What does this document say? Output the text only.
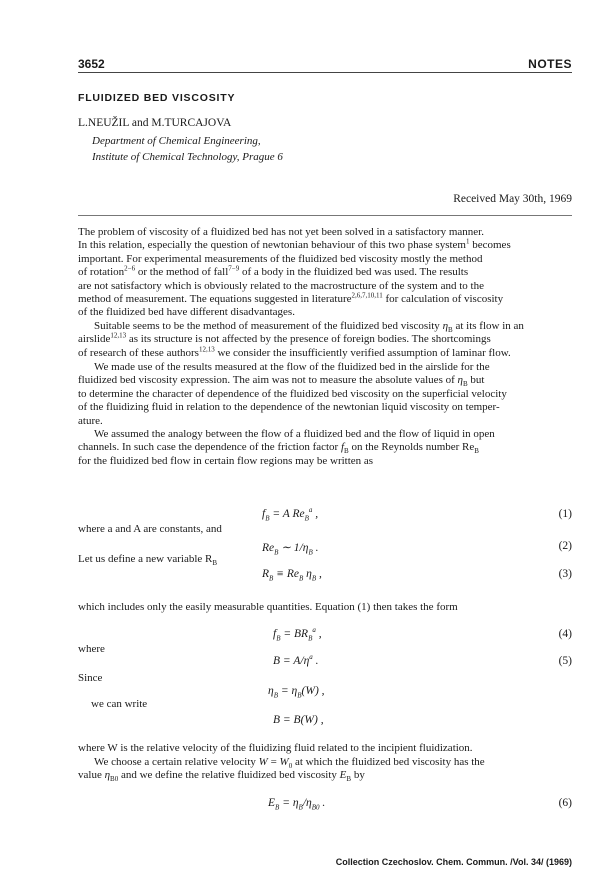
3652	NOTES
FLUIDIZED BED VISCOSITY
L.NEUŽIL and M.TURCAJOVA
Department of Chemical Engineering,
Institute of Chemical Technology, Prague 6
Received May 30th, 1969

The problem of viscosity of a fluidized bed has not yet been solved in a satisfactory manner.
In this relation, especially the question of newtonian behaviour of this two phase system$^1$ becomes
important. For experimental measurements of the fluidized bed viscosity mostly the method
of rotation$^{2-6}$ or the method of fall$^{7-9}$ of a body in the fluidized bed was used. The results
are not satisfactory which is obviously related to the macrostructure of the system and to the
method of measurement. The equations suggested in literature$^{2,6,7,10,11}$ for calculation of viscosity
of the fluidized bed have different disadvantages.

Suitable seems to be the method of measurement of the fluidized bed viscosity $\eta_B$ at its flow in an
airslide$^{12,13}$ as its structure is not affected by the presence of foreign bodies. The shortcomings
of research of these authors$^{12,13}$ we consider the insufficiently verified assumption of laminar flow.

We made use of the results measured at the flow of the fluidized bed in the airslide for the
fluidized bed viscosity expression. The aim was not to measure the absolute values of $\eta_B$ but
to determine the character of dependence of the fluidized bed viscosity on the superficial velocity
of the fluidizing fluid in relation to the dependence of the newtonian liquid viscosity on temper-
ature.

We assumed the analogy between the flow of a fluidized bed and the flow of liquid in open
channels. In such case the dependence of the friction factor $f_B$ on the Reynolds number $Re_B$
for the fluidized bed flow in certain flow regions may be written as

$f_B = A$ $Re_B^a$ ,	(1)
where a and A are constants, and
$Re_B$ ∼ $1/\eta_B$ .	(2)
Let us define a new variable $R_B$
$R_B \equiv Re_B$ $\eta_B$ ,	(3)
which includes only the easily measurable quantities. Equation (1) then takes the form
$f_B = BR_B^a$ ,	(4)
where
$B = A/\eta^a$ .	(5)
Since
$\eta_B = \eta_B(W)$ ,
we can write
B = B(W) ,
where W is the relative velocity of the fluidizing fluid related to the incipient fluidization.

We choose a certain relative velocity $W = W_0$ at which the fluidized bed viscosity has the
value $\eta_{B0}$ and we define the relative fluidized bed viscosity $E_B$ by

$E_B = \eta_B/\eta_{B0}$ .	(6)
Collection Czechoslov. Chem. Commun. /Vol. 34/ (1969)
